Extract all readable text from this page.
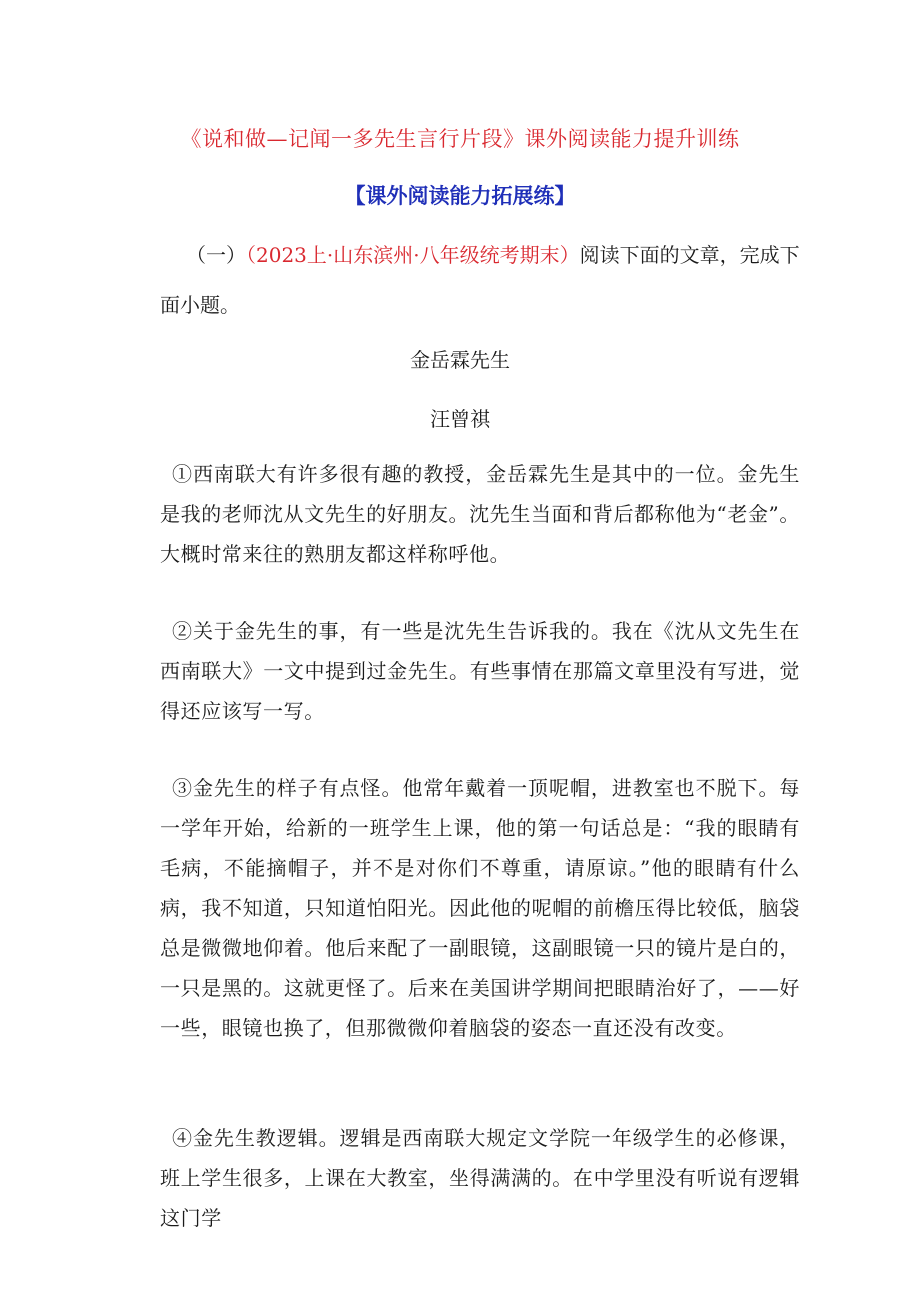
《说和做—记闻一多先生言行片段》课外阅读能力提升训练
【课外阅读能力拓展练】

（一）（2023上·山东滨州·八年级统考期末）阅读下面的文章，完成下面小题。

金岳霖先生
汪曾祺

①西南联大有许多很有趣的教授，金岳霖先生是其中的一位。金先生是我的老师沈从文先生的好朋友。沈先生当面和背后都称他为“老金”。大概时常来往的熟朋友都这样称呼他。

②关于金先生的事，有一些是沈先生告诉我的。我在《沈从文先生在西南联大》一文中提到过金先生。有些事情在那篇文章里没有写进，觉得还应该写一写。

③金先生的样子有点怪。他常年戴着一顶呢帽，进教室也不脱下。每一学年开始，给新的一班学生上课，他的第一句话总是：“我的眼睛有毛病，不能摘帽子，并不是对你们不尊重，请原谅。”他的眼睛有什么病，我不知道，只知道怕阳光。因此他的呢帽的前檐压得比较低，脑袋总是微微地仰着。他后来配了一副眼镜，这副眼镜一只的镜片是白的，一只是黑的。这就更怪了。后来在美国讲学期间把眼睛治好了，——好一些，眼镜也换了，但那微微仰着脑袋的姿态一直还没有改变。

④金先生教逻辑。逻辑是西南联大规定文学院一年级学生的必修课，班上学生很多，上课在大教室，坐得满满的。在中学里没有听说有逻辑这门学
